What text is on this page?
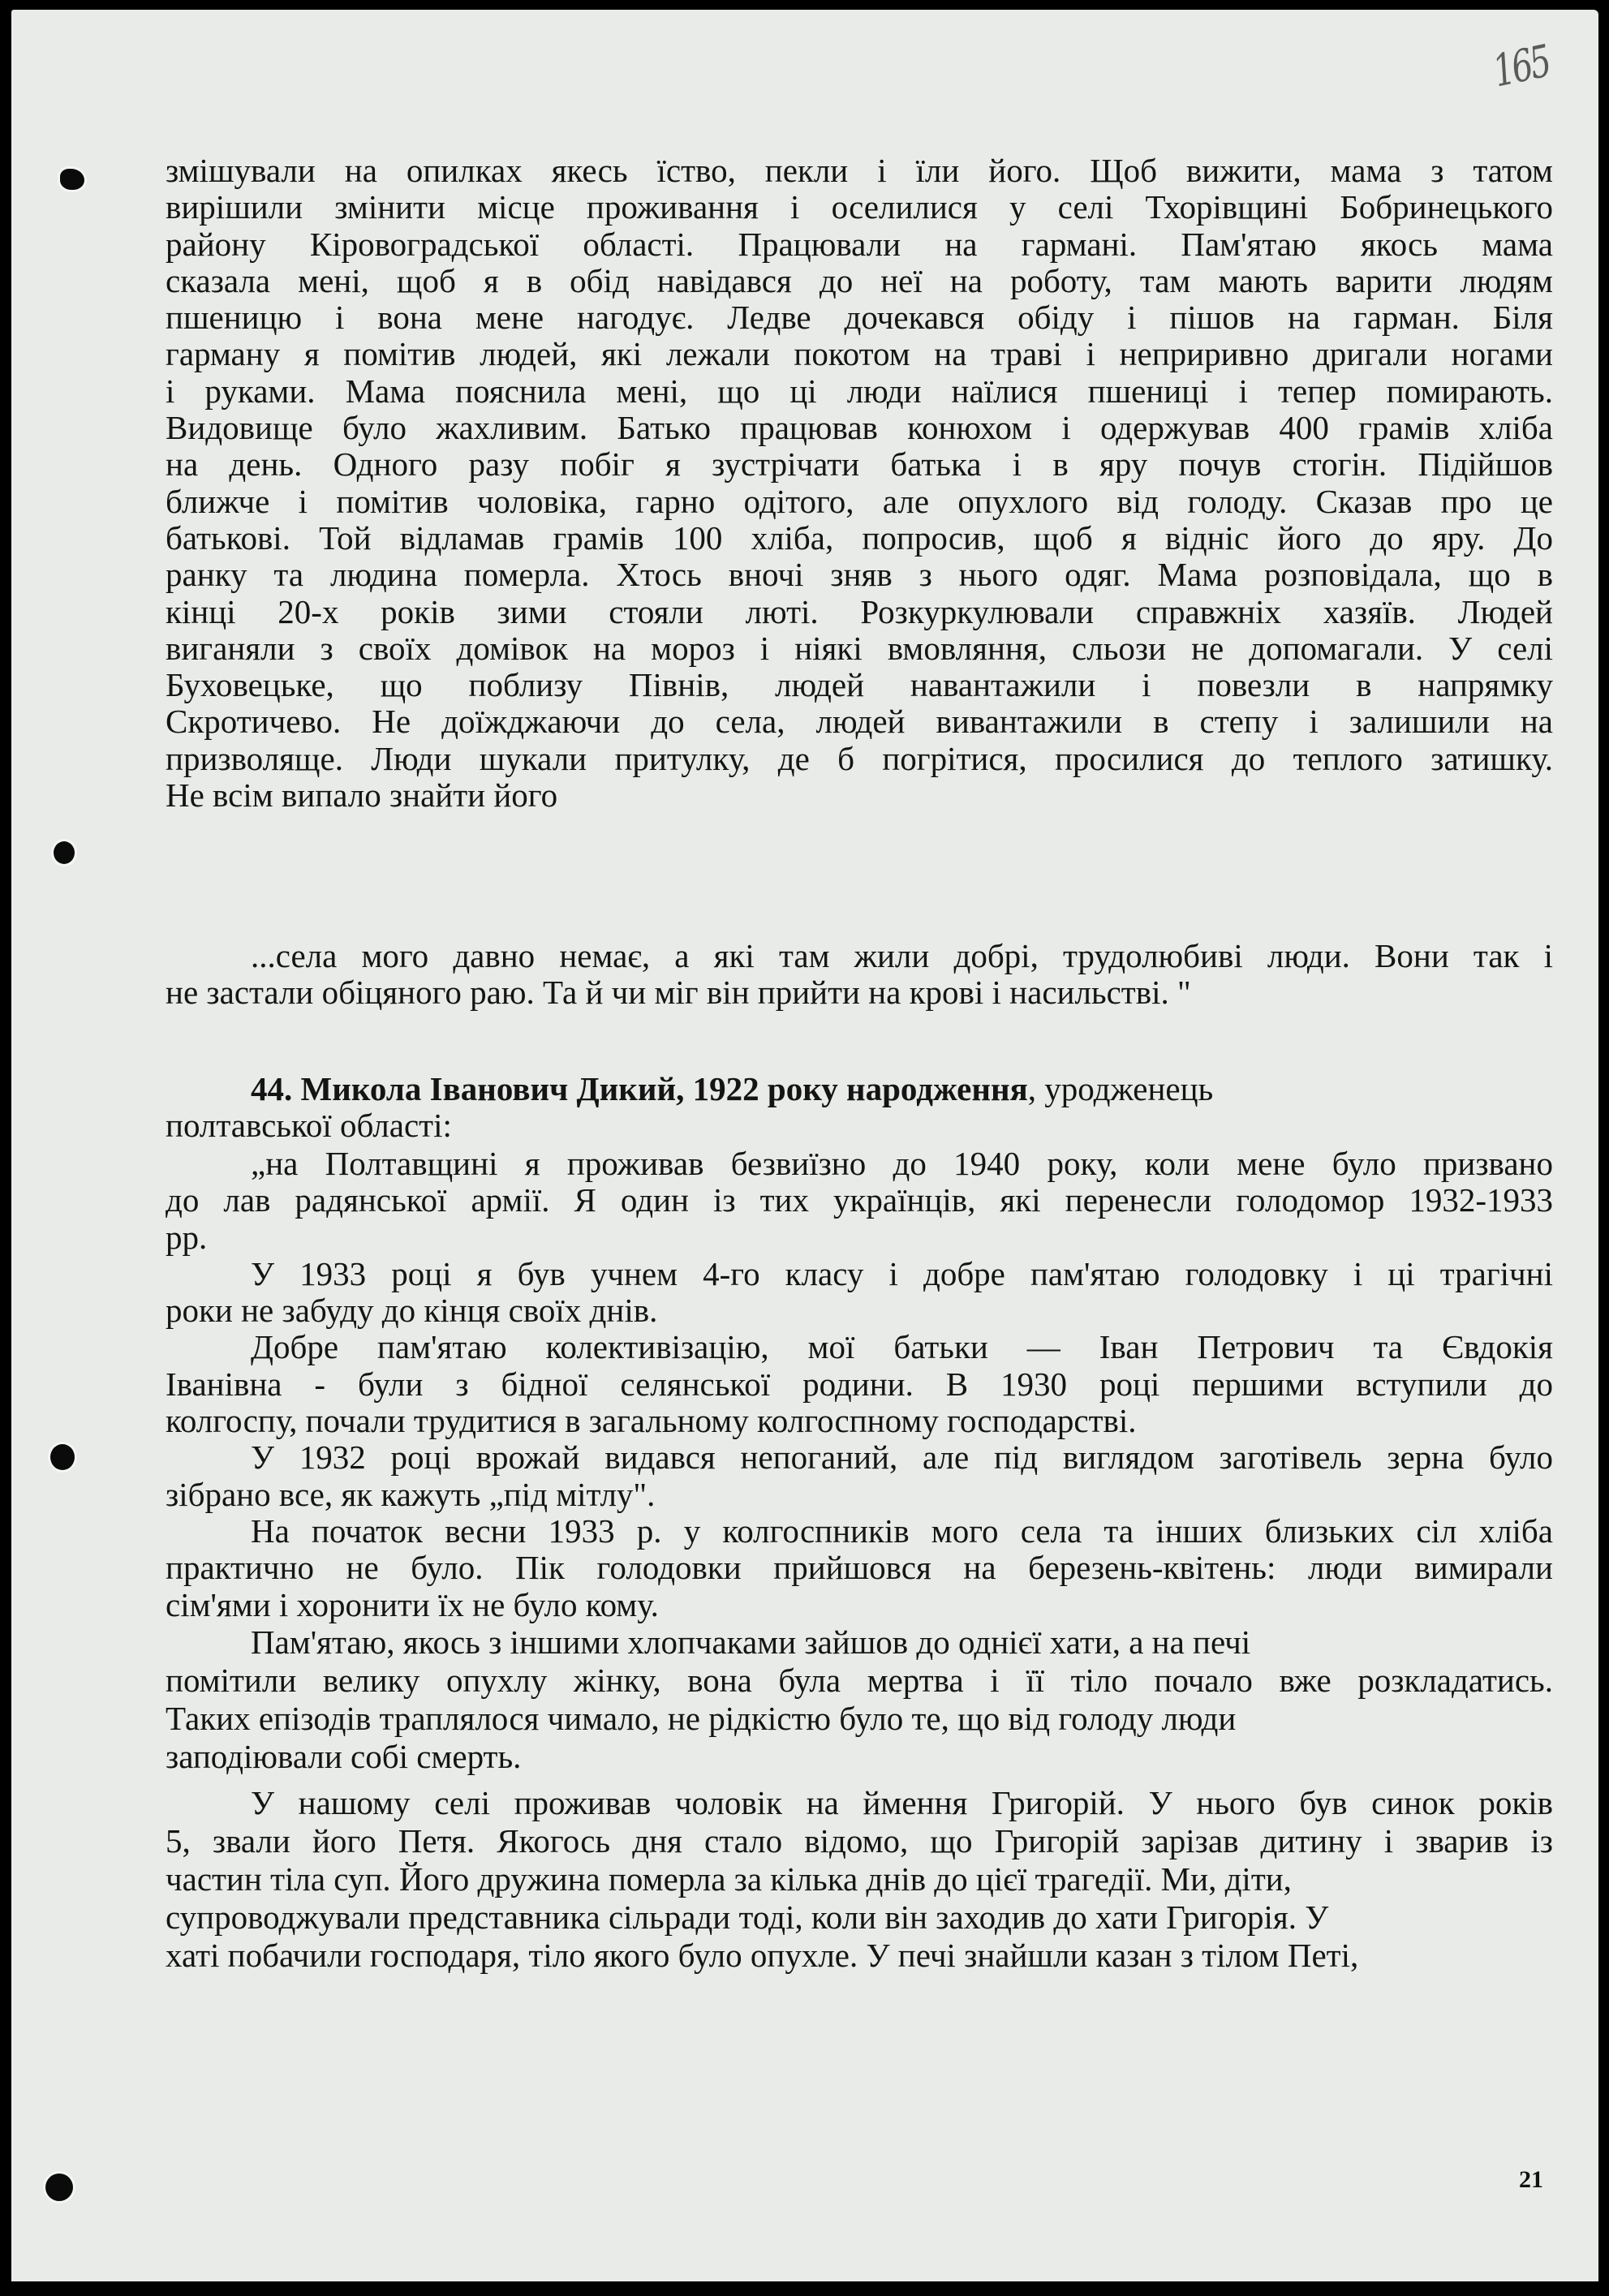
165
змішували на опилках якесь їство, пекли і їли його. Щоб вижити, мама з татом
вирішили змінити місце проживання і оселилися у селі Тхорівщині Бобринецького
району Кіровоградської області. Працювали на гармані. Пам'ятаю якось мама
сказала мені, щоб я в обід навідався до неї на роботу, там мають варити людям
пшеницю і вона мене нагодує. Ледве дочекався обіду і пішов на гарман. Біля
гарману я помітив людей, які лежали покотом на траві і неприривно дригали ногами
і руками. Мама пояснила мені, що ці люди наїлися пшениці і тепер помирають.
Видовище було жахливим. Батько працював конюхом і одержував 400 грамів хліба
на день. Одного разу побіг я зустрічати батька і в яру почув стогін. Підійшов
ближче і помітив чоловіка, гарно одітого, але опухлого від голоду. Сказав про це
батькові. Той відламав грамів 100 хліба, попросив, щоб я відніс його до яру. До
ранку та людина померла. Хтось вночі зняв з нього одяг. Мама розповідала, що в
кінці 20-х років зими стояли люті. Розкуркулювали справжніх хазяїв. Людей
виганяли з своїх домівок на мороз і ніякі вмовляння, сльози не допомагали. У селі
Буховецьке, що поблизу Півнів, людей навантажили і повезли в напрямку
Скротичево. Не доїжджаючи до села, людей вивантажили в степу і залишили на
призволяще. Люди шукали притулку, де б погрітися, просилися до теплого затишку.
Не всім випало знайти його
...села мого давно немає, а які там жили добрі, трудолюбиві люди. Вони так і
не застали обіцяного раю. Та й чи міг він прийти на крові і насильстві. "
44. Микола Іванович Дикий, 1922 року народження, уродженець
полтавської області:
„на Полтавщині я проживав безвиїзно до 1940 року, коли мене було призвано
до лав радянської армії. Я один із тих українців, які перенесли голодомор 1932-1933
рр.
У 1933 році я був учнем 4-го класу і добре пам'ятаю голодовку і ці трагічні
роки не забуду до кінця своїх днів.
Добре пам'ятаю колективізацію, мої батьки — Іван Петрович та Євдокія
Іванівна - були з бідної селянської родини. В 1930 році першими вступили до
колгоспу, почали трудитися в загальному колгоспному господарстві.
У 1932 році врожай видався непоганий, але під виглядом заготівель зерна було
зібрано все, як кажуть „під мітлу".
На початок весни 1933 р. у колгоспників мого села та інших близьких сіл хліба
практично не було. Пік голодовки прийшовся на березень-квітень: люди вимирали
сім'ями і хоронити їх не було кому.
Пам'ятаю, якось з іншими хлопчаками зайшов до однієї хати, а на печі
помітили велику опухлу жінку, вона була мертва і її тіло почало вже розкладатись.
Таких епізодів траплялося чимало, не рідкістю було те, що від голоду люди
заподіювали собі смерть.
У нашому селі проживав чоловік на ймення Григорій. У нього був синок років
5, звали його Петя. Якогось дня стало відомо, що Григорій зарізав дитину і зварив із
частин тіла суп. Його дружина померла за кілька днів до цієї трагедії. Ми, діти,
супроводжували представника сільради тоді, коли він заходив до хати Григорія. У
хаті побачили господаря, тіло якого було опухле. У печі знайшли казан з тілом Петі,
21
